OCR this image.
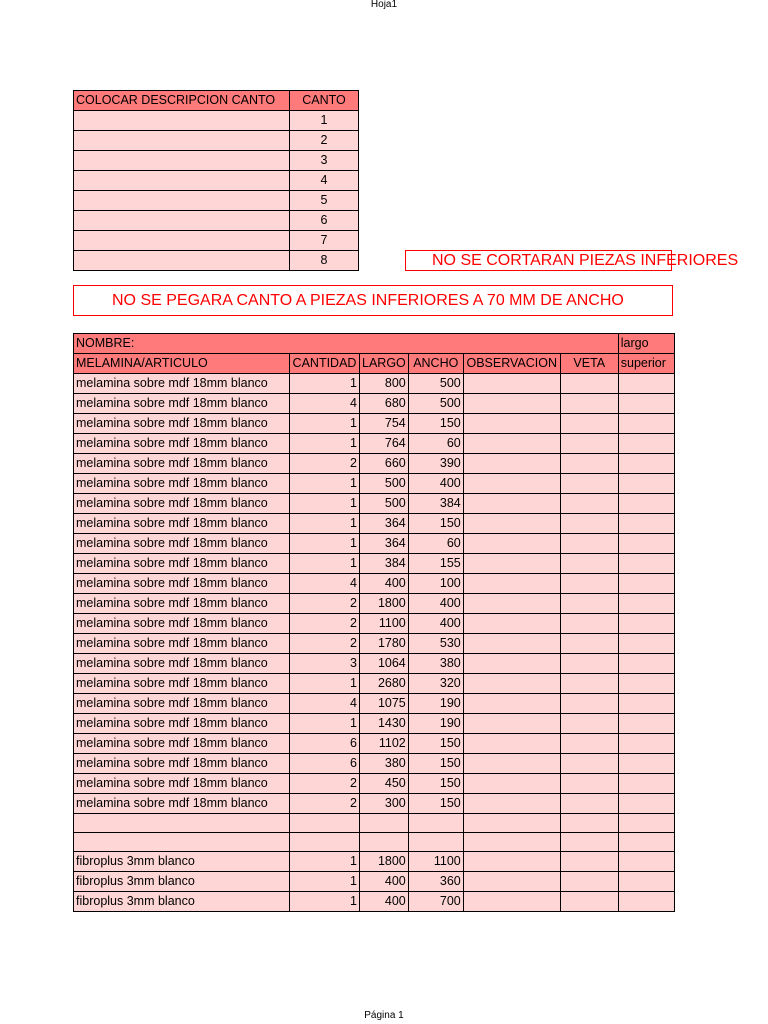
Hoja1
COLOCAR DESCRIPCION CANTO	CANTO
	1
	2
	3
	4
	5
	6
	7
	8	NO SE CORTARAN PIEZAS INFERIORES
NO SE PEGARA CANTO A PIEZAS INFERIORES A 70 MM DE ANCHO
NOMBRE:						largo
MELAMINA/ARTICULO	CANTIDAD	LARGO	ANCHO	OBSERVACION	VETA	superior
melamina sobre mdf 18mm blanco	1	800	500			
melamina sobre mdf 18mm blanco	4	680	500			
melamina sobre mdf 18mm blanco	1	754	150			
melamina sobre mdf 18mm blanco	1	764	60			
melamina sobre mdf 18mm blanco	2	660	390			
melamina sobre mdf 18mm blanco	1	500	400			
melamina sobre mdf 18mm blanco	1	500	384			
melamina sobre mdf 18mm blanco	1	364	150			
melamina sobre mdf 18mm blanco	1	364	60			
melamina sobre mdf 18mm blanco	1	384	155			
melamina sobre mdf 18mm blanco	4	400	100			
melamina sobre mdf 18mm blanco	2	1800	400			
melamina sobre mdf 18mm blanco	2	1100	400			
melamina sobre mdf 18mm blanco	2	1780	530			
melamina sobre mdf 18mm blanco	3	1064	380			
melamina sobre mdf 18mm blanco	1	2680	320			
melamina sobre mdf 18mm blanco	4	1075	190			
melamina sobre mdf 18mm blanco	1	1430	190			
melamina sobre mdf 18mm blanco	6	1102	150			
melamina sobre mdf 18mm blanco	6	380	150			
melamina sobre mdf 18mm blanco	2	450	150			
melamina sobre mdf 18mm blanco	2	300	150			

fibroplus 3mm blanco	1	1800	1100			
fibroplus 3mm blanco	1	400	360			
fibroplus 3mm blanco	1	400	700			
Página 1
